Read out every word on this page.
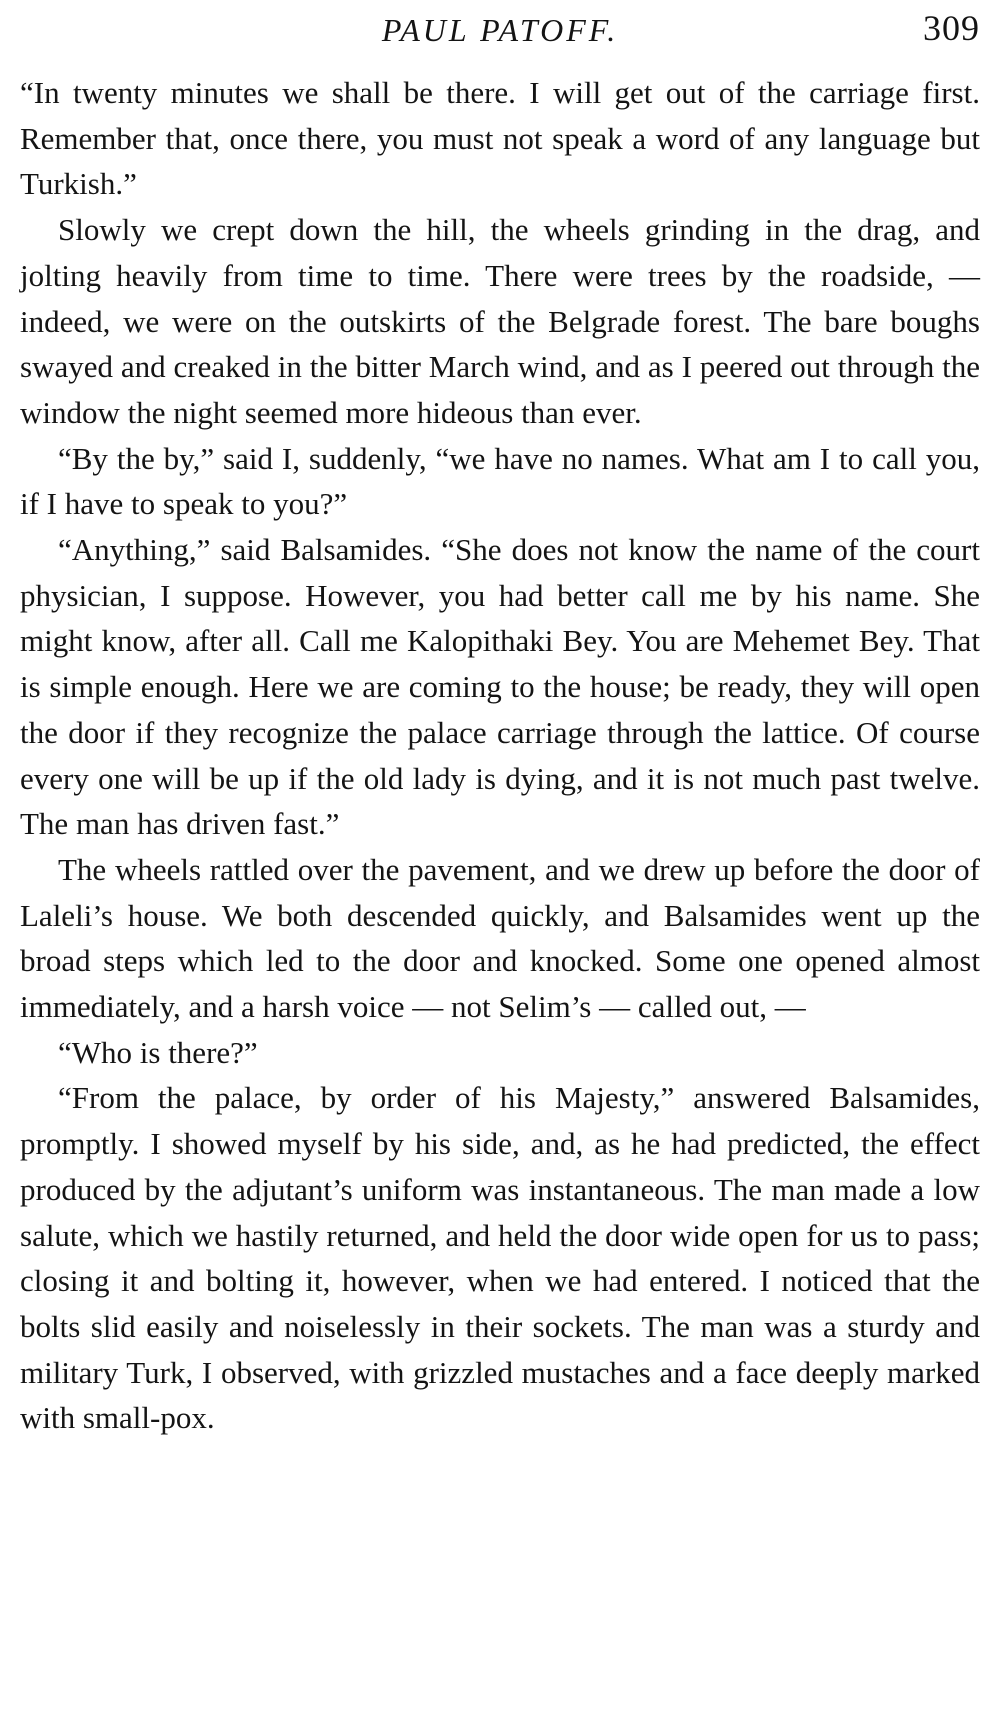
PAUL PATOFF.	309

“In twenty minutes we shall be there. I will get out of the carriage first. Remember that, once there, you must not speak a word of any language but Turkish.”

Slowly we crept down the hill, the wheels grinding in the drag, and jolting heavily from time to time. There were trees by the roadside, — indeed, we were on the outskirts of the Belgrade forest. The bare boughs swayed and creaked in the bitter March wind, and as I peered out through the window the night seemed more hideous than ever.

“By the by,” said I, suddenly, “we have no names. What am I to call you, if I have to speak to you?”

“Anything,” said Balsamides. “She does not know the name of the court physician, I suppose. However, you had better call me by his name. She might know, after all. Call me Kalopithaki Bey. You are Mehemet Bey. That is simple enough. Here we are coming to the house; be ready, they will open the door if they recognize the palace carriage through the lattice. Of course every one will be up if the old lady is dying, and it is not much past twelve. The man has driven fast.”

The wheels rattled over the pavement, and we drew up before the door of Laleli’s house. We both descended quickly, and Balsamides went up the broad steps which led to the door and knocked. Some one opened almost immediately, and a harsh voice — not Selim’s — called out, —

“Who is there?”

“From the palace, by order of his Majesty,” answered Balsamides, promptly. I showed myself by his side, and, as he had predicted, the effect produced by the adjutant’s uniform was instantaneous. The man made a low salute, which we hastily returned, and held the door wide open for us to pass; closing it and bolting it, however, when we had entered. I noticed that the bolts slid easily and noiselessly in their sockets. The man was a sturdy and military Turk, I observed, with grizzled mustaches and a face deeply marked with small-pox.
